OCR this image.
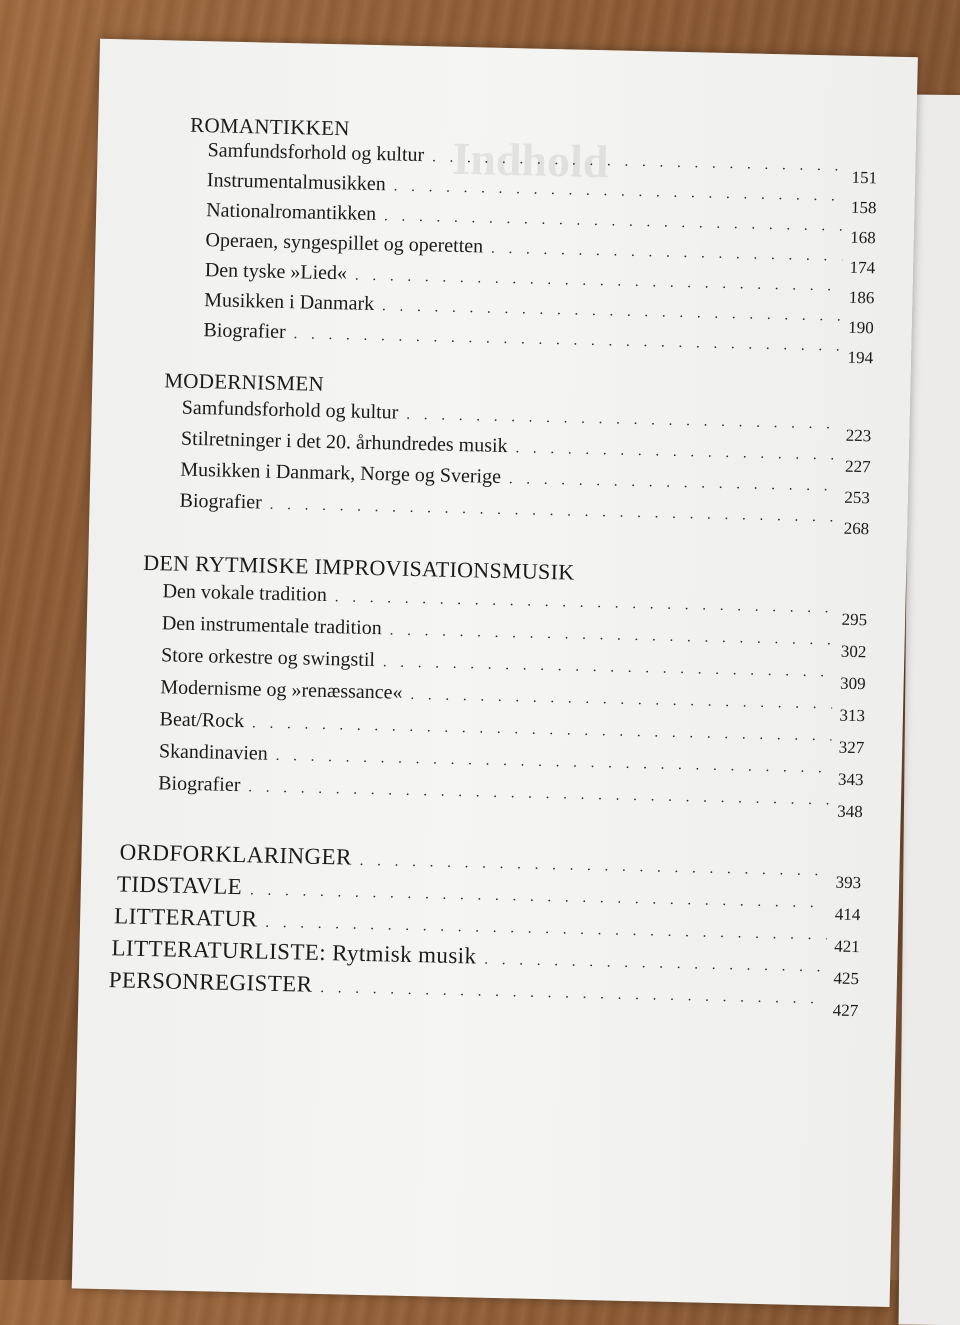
Indhold
ROMANTIKKEN
Samfundsforhold og kultur
. . .
151
Instrumentalmusikken
. . .
158
Nationalromantikken
. . .
168
Operaen, syngespillet og operetten
. . .
174
Den tyske »Lied«
. . .
186
Musikken i Danmark
. . .
190
Biografier
. . .
194
MODERNISMEN
Samfundsforhold og kultur
. . .
223
Stilretninger i det 20. århundredes musik
. . .
227
Musikken i Danmark, Norge og Sverige
. . .
253
Biografier
. . .
268
DEN RYTMISKE IMPROVISATIONSMUSIK
Den vokale tradition
. . .
295
Den instrumentale tradition
. . .
302
Store orkestre og swingstil
. . .
309
Modernisme og »renæssance«
. . .
313
Beat/Rock
. . .
327
Skandinavien
. . .
343
Biografier
. . .
348
ORDFORKLARINGER
. . .
393
TIDSTAVLE
. . .
414
LITTERATUR
. . .
421
LITTERATURLISTE: Rytmisk musik
. . .
425
PERSONREGISTER
. . .
427
